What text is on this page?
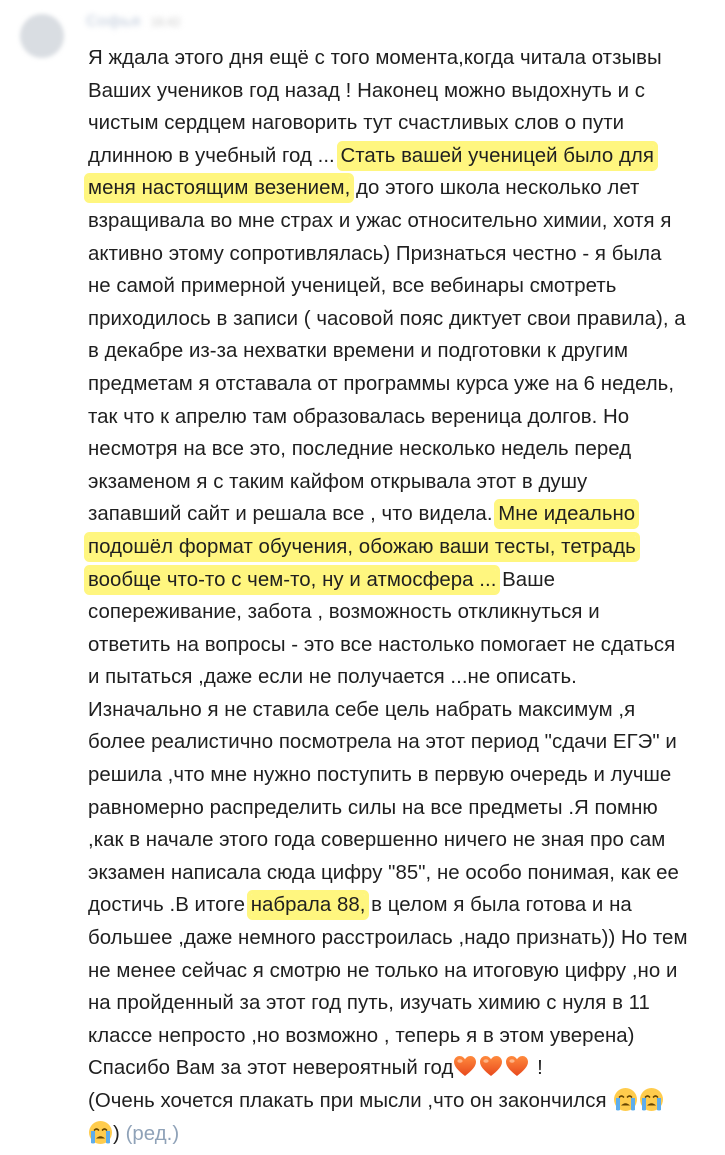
Софья 16:42
Я ждала этого дня ещё с того момента,когда читала отзывы
Ваших учеников год назад ! Наконец можно выдохнуть и с
чистым сердцем наговорить тут счастливых слов о пути
длинною в учебный год ... Стать вашей ученицей было для
меня настоящим везением, до этого школа несколько лет
взращивала во мне страх и ужас относительно химии, хотя я
активно этому сопротивлялась) Признаться честно - я была
не самой примерной ученицей, все вебинары смотреть
приходилось в записи ( часовой пояс диктует свои правила), а
в декабре из-за нехватки времени и подготовки к другим
предметам я отставала от программы курса уже на 6 недель,
так что к апрелю там образовалась вереница долгов. Но
несмотря на все это, последние несколько недель перед
экзаменом я с таким кайфом открывала этот в душу
запавший сайт и решала все , что видела. Мне идеально
подошёл формат обучения, обожаю ваши тесты, тетрадь
вообще что-то с чем-то, ну и атмосфера ... Ваше
сопереживание, забота , возможность откликнуться и
ответить на вопросы - это все настолько помогает не сдаться
и пытаться ,даже если не получается ...не описать.
Изначально я не ставила себе цель набрать максимум ,я
более реалистично посмотрела на этот период "сдачи ЕГЭ" и
решила ,что мне нужно поступить в первую очередь и лучше
равномерно распределить силы на все предметы .Я помню
,как в начале этого года совершенно ничего не зная про сам
экзамен написала сюда цифру "85", не особо понимая, как ее
достичь .В итоге набрала 88, в целом я была готова и на
большее ,даже немного расстроилась ,надо признать)) Но тем
не менее сейчас я смотрю не только на итоговую цифру ,но и
на пройденный за этот год путь, изучать химию с нуля в 11
классе непросто ,но возможно , теперь я в этом уверена)
Спасибо Вам за этот невероятный год	!
(Очень хочется плакать при мысли ,что он закончился
) (ред.)
